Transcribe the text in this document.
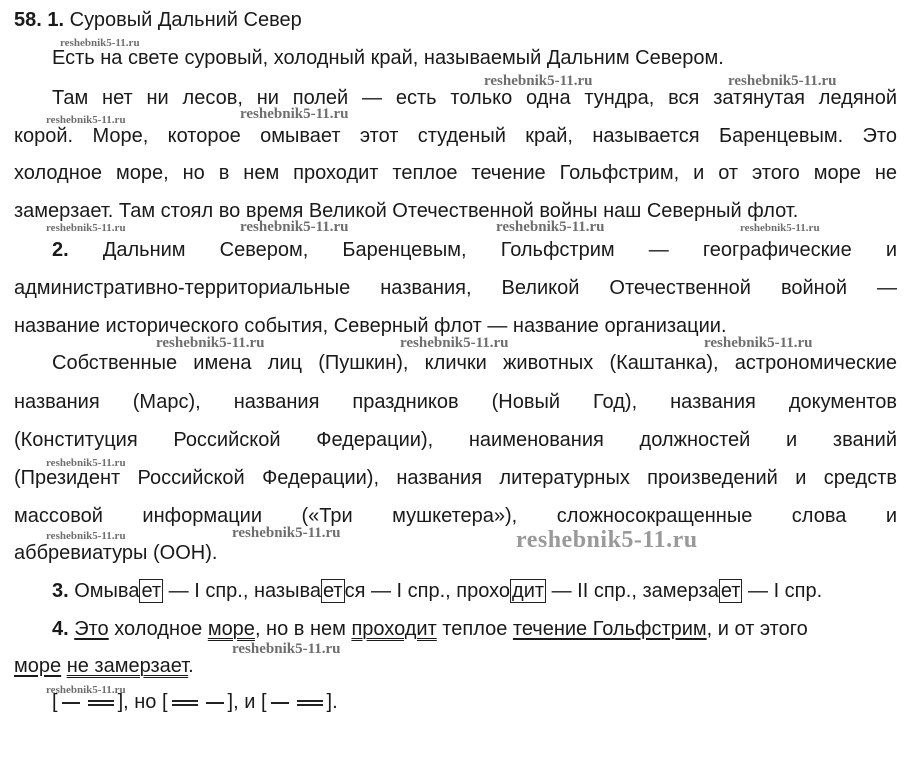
58. 1. Суровый Дальний Север
Есть на свете суровый, холодный край, называемый Дальним Севером.
Там нет ни лесов, ни полей — есть только одна тундра, вся затянутая ледяной
корой. Море, которое омывает этот студеный край, называется Баренцевым. Это
холодное море, но в нем проходит теплое течение Гольфстрим, и от этого море не
замерзает. Там стоял во время Великой Отечественной войны наш Северный флот.
2. Дальним Севером, Баренцевым, Гольфстрим — географические и
административно-территориальные названия, Великой Отечественной войной —
название исторического события, Северный флот — название организации.
Собственные имена лиц (Пушкин), клички животных (Каштанка), астрономические
названия (Марс), названия праздников (Новый Год), названия документов
(Конституция Российской Федерации), наименования должностей и званий
(Президент Российской Федерации), названия литературных произведений и средств
массовой информации («Три мушкетера»), сложносокращенные слова и
аббревиатуры (ООН).
3. Омыва ет — I спр., называ ет ся — I спр., прохо дит — II спр., замерза ет — I спр.
4. Это холодное море, но в нем проходит теплое течение Гольфстрим, и от этого
море не замерзает.
[	], но [	], и [	].
reshebnik5-11.ru
reshebnik5-11.ru	reshebnik5-11.ru
reshebnik5-11.ru	reshebnik5-11.ru
reshebnik5-11.ru	reshebnik5-11.ru	reshebnik5-11.ru	reshebnik5-11.ru
reshebnik5-11.ru	reshebnik5-11.ru	reshebnik5-11.ru
reshebnik5-11.ru
reshebnik5-11.ru	reshebnik5-11.ru	reshebnik5-11.ru
reshebnik5-11.ru
reshebnik5-11.ru
